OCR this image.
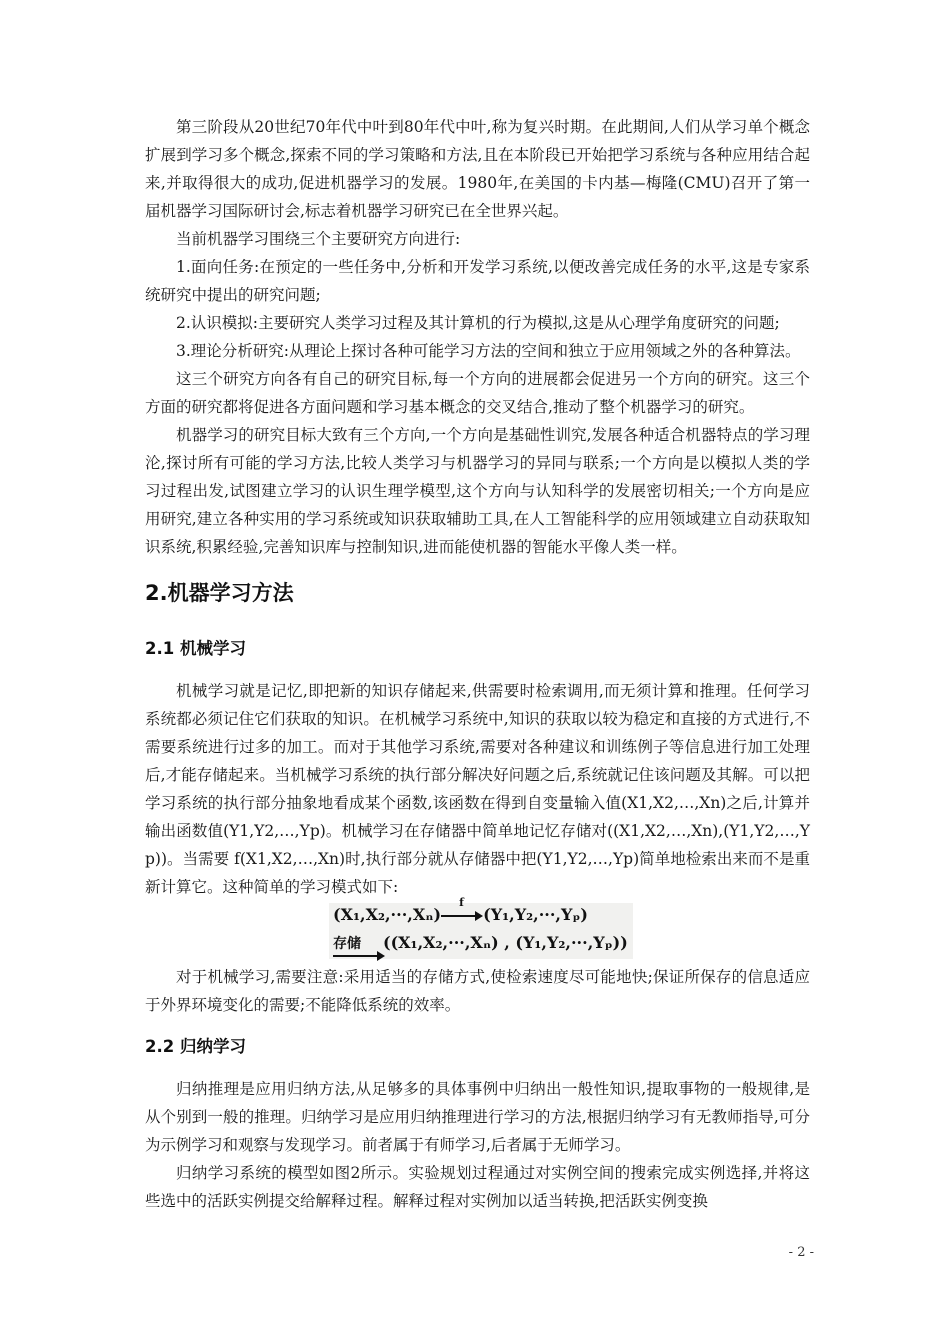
第三阶段从20世纪70年代中叶到80年代中叶,称为复兴时期。在此期间,人们从学习单个概念扩展到学习多个概念,探索不同的学习策略和方法,且在本阶段已开始把学习系统与各种应用结合起来,并取得很大的成功,促进机器学习的发展。1980年,在美国的卡内基—梅隆(CMU)召开了第一届机器学习国际研讨会,标志着机器学习研究已在全世界兴起。

当前机器学习围绕三个主要研究方向进行:

1.面向任务:在预定的一些任务中,分析和开发学习系统,以便改善完成任务的水平,这是专家系统研究中提出的研究问题;

2.认识模拟:主要研究人类学习过程及其计算机的行为模拟,这是从心理学角度研究的问题;

3.理论分析研究:从理论上探讨各种可能学习方法的空间和独立于应用领域之外的各种算法。

这三个研究方向各有自己的研究目标,每一个方向的进展都会促进另一个方向的研究。这三个方面的研究都将促进各方面问题和学习基本概念的交叉结合,推动了整个机器学习的研究。

机器学习的研究目标大致有三个方向,一个方向是基础性训究,发展各种适合机器特点的学习理沦,探讨所有可能的学习方法,比较人类学习与机器学习的异同与联系;一个方向是以模拟人类的学习过程出发,试图建立学习的认识生理学模型,这个方向与认知科学的发展密切相关;一个方向是应用研究,建立各种实用的学习系统或知识获取辅助工具,在人工智能科学的应用领域建立自动获取知识系统,积累经验,完善知识库与控制知识,进而能使机器的智能水平像人类一样。

2.机器学习方法
2.1 机械学习

机械学习就是记忆,即把新的知识存储起来,供需要时检索调用,而无须计算和推理。任何学习系统都必须记住它们获取的知识。在机械学习系统中,知识的获取以较为稳定和直接的方式进行,不需要系统进行过多的加工。而对于其他学习系统,需要对各种建议和训练例子等信息进行加工处理后,才能存储起来。当机械学习系统的执行部分解决好问题之后,系统就记住该问题及其解。可以把学习系统的执行部分抽象地看成某个函数,该函数在得到自变量输入值(X1,X2,…,Xn)之后,计算并输出函数值(Y1,Y2,…,Yp)。机械学习在存储器中简单地记忆存储对((X1,X2,…,Xn),(Y1,Y2,…,Yp))。当需要 f(X1,X2,…,Xn)时,执行部分就从存储器中把(Y1,Y2,…,Yp)简单地检索出来而不是重新计算它。这种简单的学习模式如下:

(X₁,X₂,···,Xₙ)
f
(Y₁,Y₂,···,Yₚ)
存储 ((X₁,X₂,···,Xₙ) , (Y₁,Y₂,···,Yₚ))

对于机械学习,需要注意:采用适当的存储方式,使检索速度尽可能地快;保证所保存的信息适应于外界环境变化的需要;不能降低系统的效率。

2.2 归纳学习

归纳推理是应用归纳方法,从足够多的具体事例中归纳出一般性知识,提取事物的一般规律,是从个别到一般的推理。归纳学习是应用归纳推理进行学习的方法,根据归纳学习有无教师指导,可分为示例学习和观察与发现学习。前者属于有师学习,后者属于无师学习。

归纳学习系统的模型如图2所示。实验规划过程通过对实例空间的搜索完成实例选择,并将这些选中的活跃实例提交给解释过程。解释过程对实例加以适当转换,把活跃实例变换

- 2 -
